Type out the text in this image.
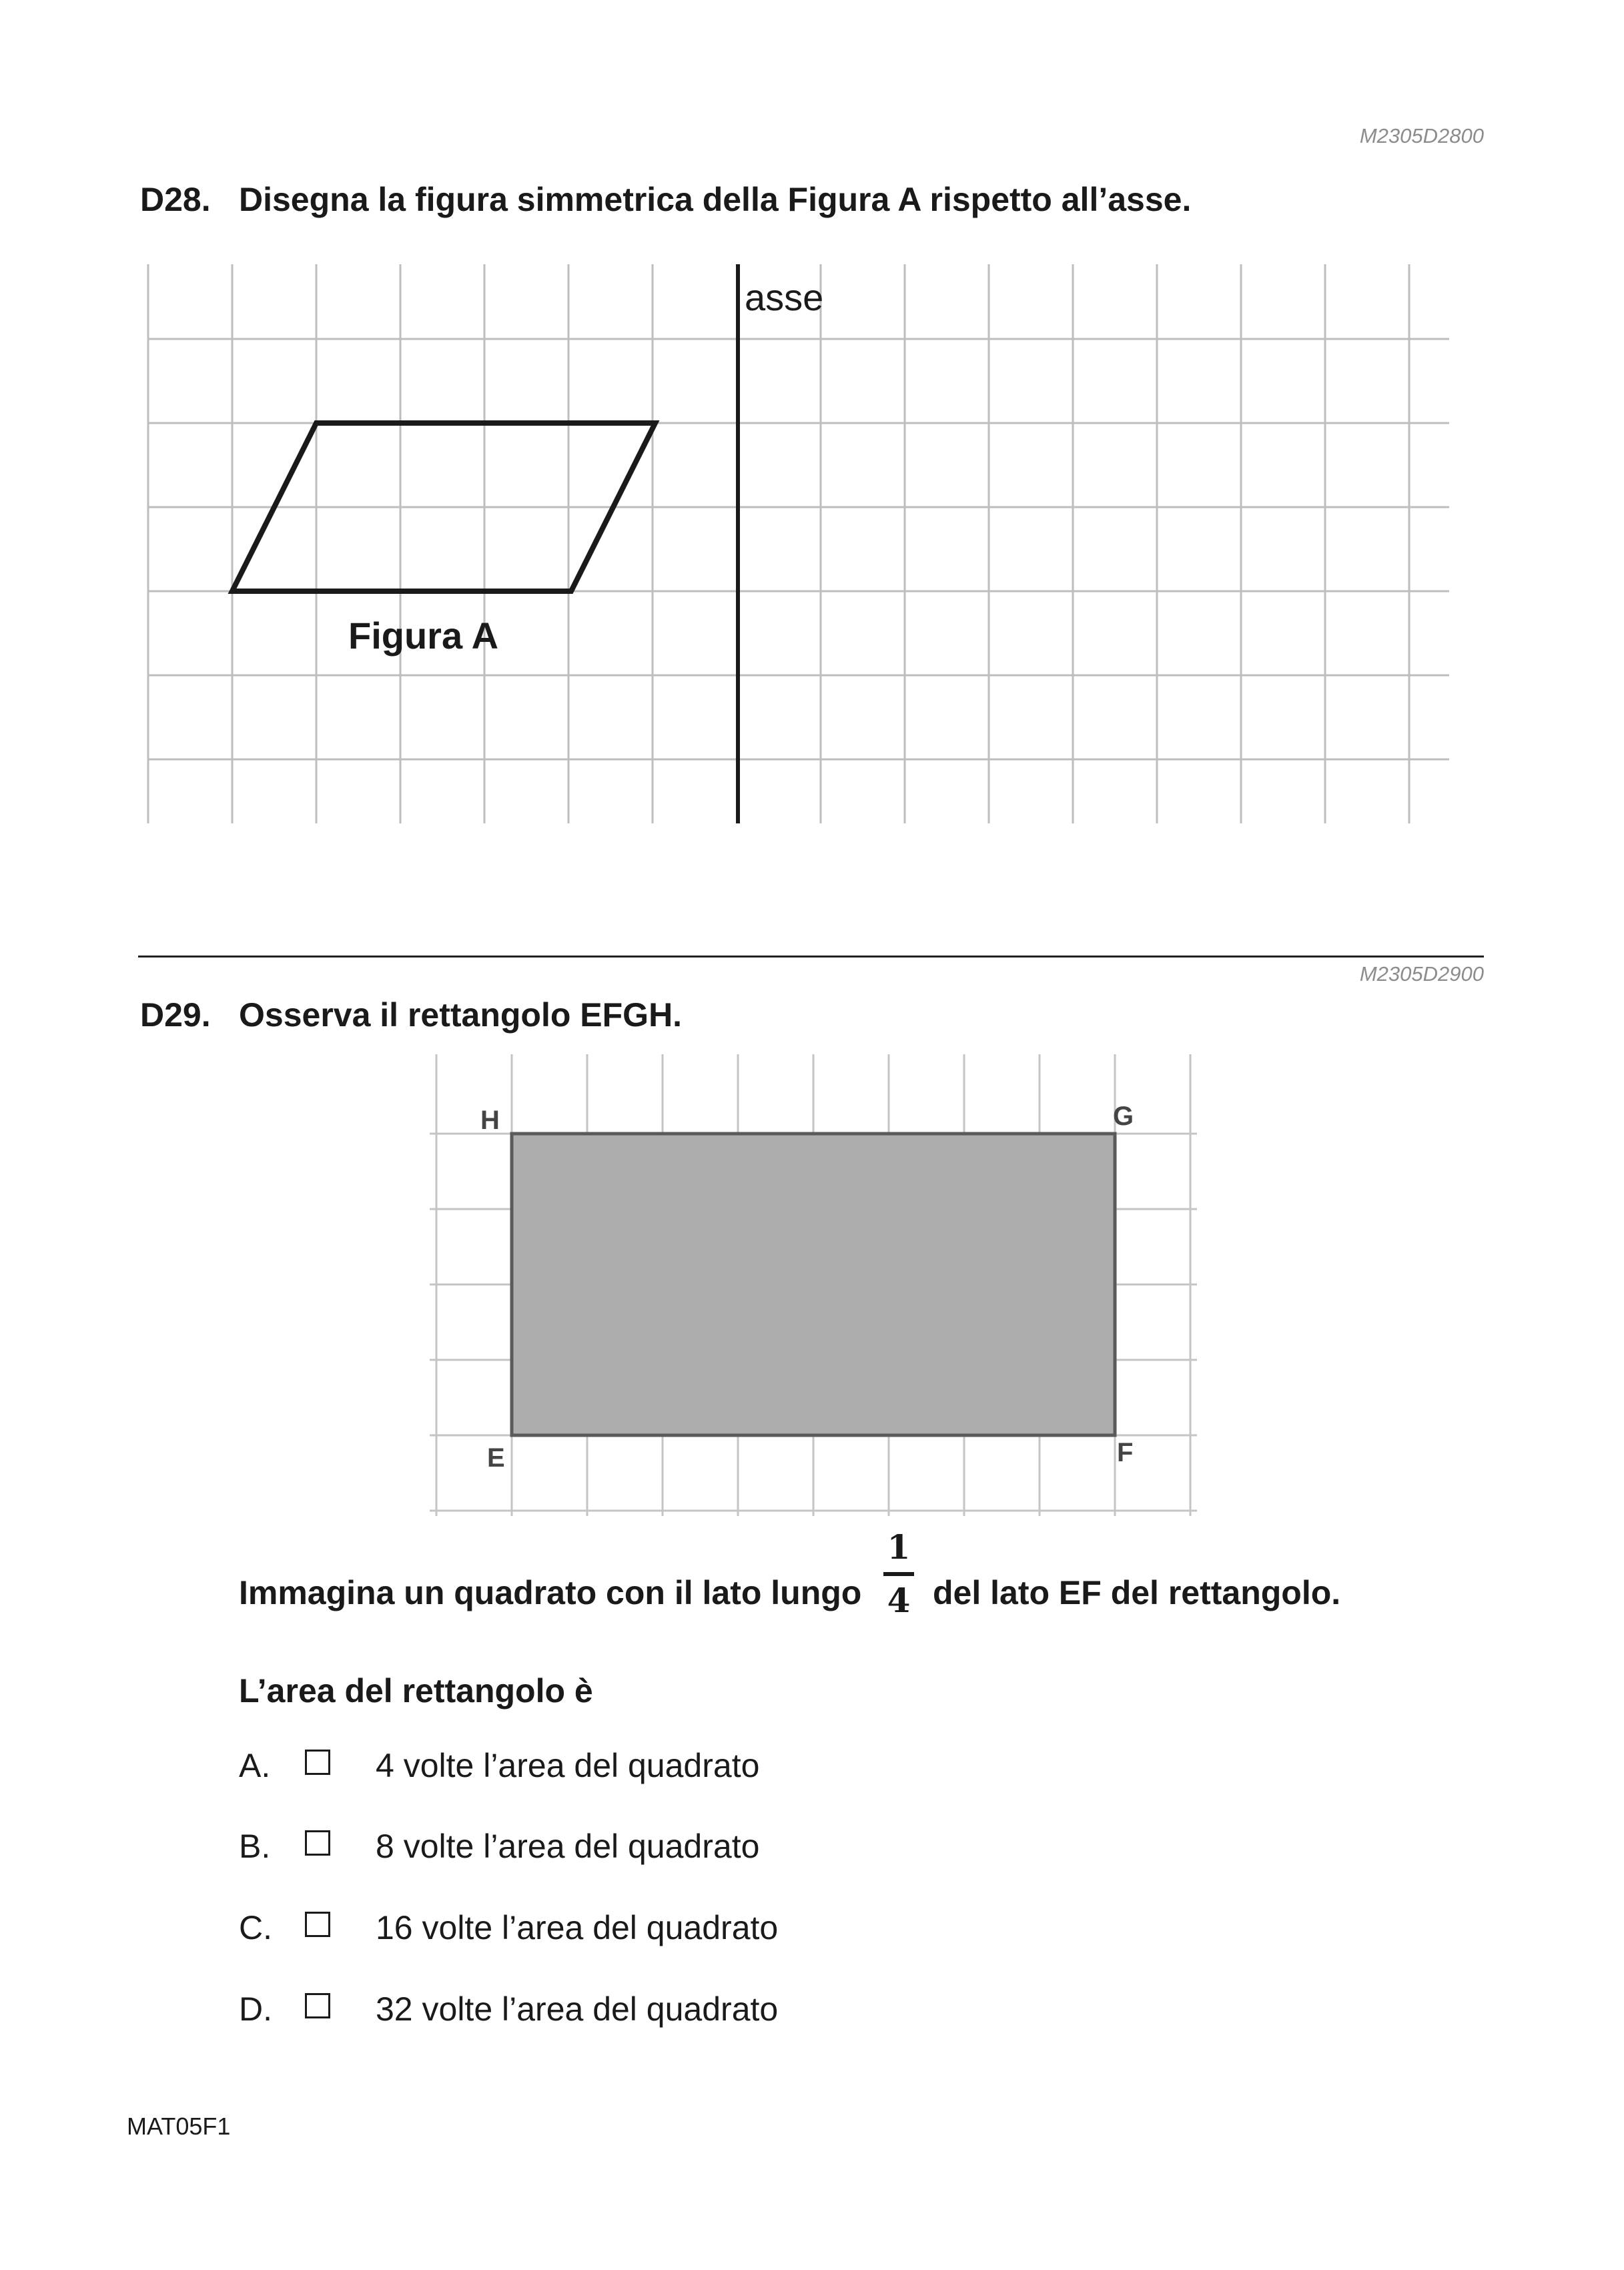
M2305D2800
D28. Disegna la figura simmetrica della Figura A rispetto all’asse.
asse
Figura A
M2305D2900
D29. Osserva il rettangolo EFGH.
H	G
E	F
Immagina un quadrato con il lato lungo
1
4 del lato EF del rettangolo.
L’area del rettangolo è
A.	4 volte l’area del quadrato
B.	8 volte l’area del quadrato
C.	16 volte l’area del quadrato
D.	32 volte l’area del quadrato
MAT05F1
